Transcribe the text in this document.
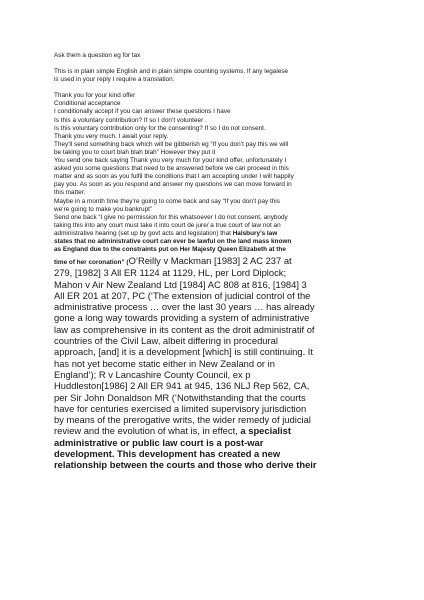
Ask them a question eg for tax

This is in plain simple English and in plain simple counting systems. If any legalese
is used in your reply I require a translation.
Thank you for your kind offer
Conditional acceptance
I conditionally accept if you can answer these questions I have
Is this a voluntary contribution? If so I don’t volunteer .
Is this voluntary contribution only for the consenting? If so I do not consent.
Thank you very much. I await your reply.
They'll send something back which will be gibberish eg “If you don’t pay this we will
be taking you to court blah blah blah” However they put it
You send one back saying Thank you very much for your kind offer, unfortunately I
asked you some questions that need to be answered before we can proceed in this
matter and as soon as you fulfil the conditions that I am accepting under I will happily
pay you. As soon as you respond and answer my questions we can move forward in
this matter.
Maybe in a month time they’re going to come back and say “If you don’t pay this
we’re going to make you bankrupt”
Send one back “I give no permission for this whatsoever I do not consent, anybody
taking this into any court must take it into court de jure/ a true court of law not an
administrative hearing (set up by govt acts and legislation) that Halsbury’s law
states that no administrative court can ever be lawful on the land mass known
as England due to the constraints put on Her Majesty Queen Elizabeth at the
time of her coronation” (O’Reilly v Mackman [1983] 2 AC 237 at
279, [1982] 3 All ER 1124 at 1129, HL, per Lord Diplock;
Mahon v Air New Zealand Ltd [1984] AC 808 at 816, [1984] 3
All ER 201 at 207, PC (‘The extension of judicial control of the
administrative process … over the last 30 years … has already
gone a long way towards providing a system of administrative
law as comprehensive in its content as the droit administratif of
countries of the Civil Law, albeit differing in procedural
approach, [and] it is a development [which] is still continuing. It
has not yet become static either in New Zealand or in
England’); R v Lancashire County Council, ex p
Huddleston[1986] 2 All ER 941 at 945, 136 NLJ Rep 562, CA,
per Sir John Donaldson MR (‘Notwithstanding that the courts
have for centuries exercised a limited supervisory jurisdiction
by means of the prerogative writs, the wider remedy of judicial
review and the evolution of what is, in effect, a specialist
administrative or public law court is a post-war
development. This development has created a new
relationship between the courts and those who derive their
